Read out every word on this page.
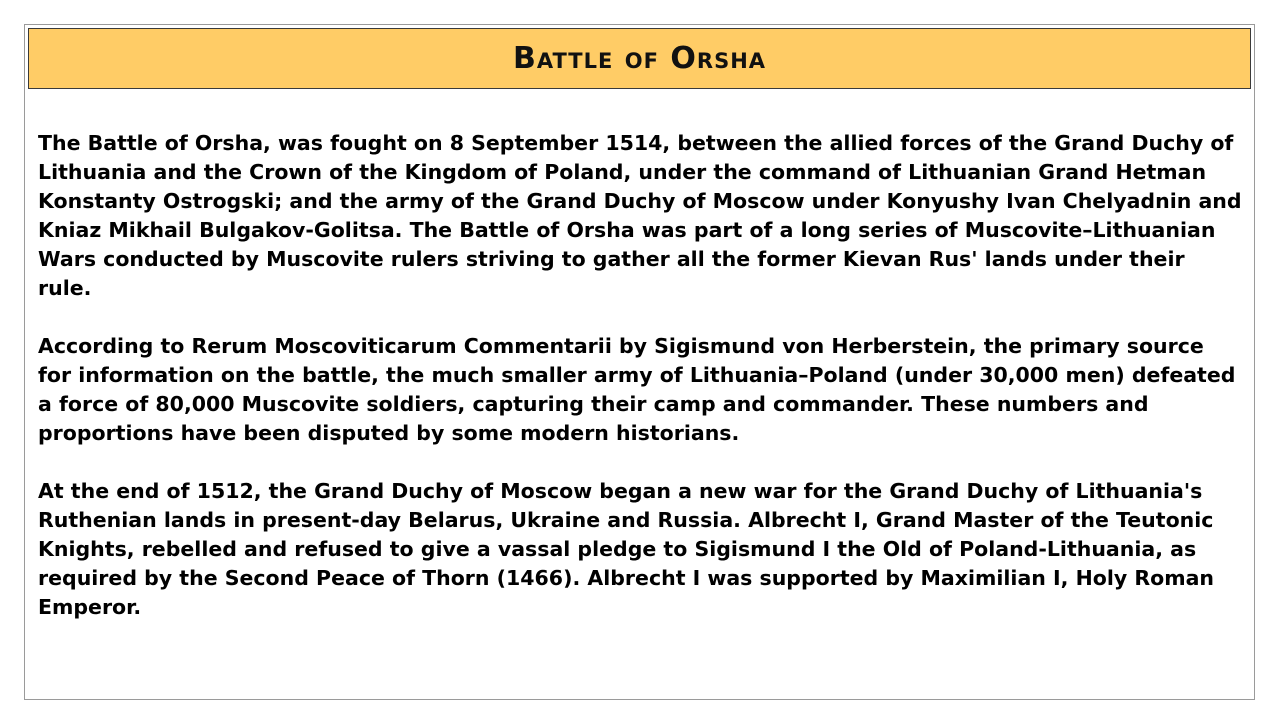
Battle of Orsha

The Battle of Orsha, was fought on 8 September 1514, between the allied forces of the Grand Duchy of Lithuania and the Crown of the Kingdom of Poland, under the command of Lithuanian Grand Hetman Konstanty Ostrogski; and the army of the Grand Duchy of Moscow under Konyushy Ivan Chelyadnin and Kniaz Mikhail Bulgakov-Golitsa. The Battle of Orsha was part of a long series of Muscovite–Lithuanian Wars conducted by Muscovite rulers striving to gather all the former Kievan Rus' lands under their rule.

According to Rerum Moscoviticarum Commentarii by Sigismund von Herberstein, the primary source for information on the battle, the much smaller army of Lithuania–Poland (under 30,000 men) defeated a force of 80,000 Muscovite soldiers, capturing their camp and commander. These numbers and proportions have been disputed by some modern historians.

At the end of 1512, the Grand Duchy of Moscow began a new war for the Grand Duchy of Lithuania's Ruthenian lands in present-day Belarus, Ukraine and Russia. Albrecht I, Grand Master of the Teutonic Knights, rebelled and refused to give a vassal pledge to Sigismund I the Old of Poland-Lithuania, as required by the Second Peace of Thorn (1466). Albrecht I was supported by Maximilian I, Holy Roman Emperor.
